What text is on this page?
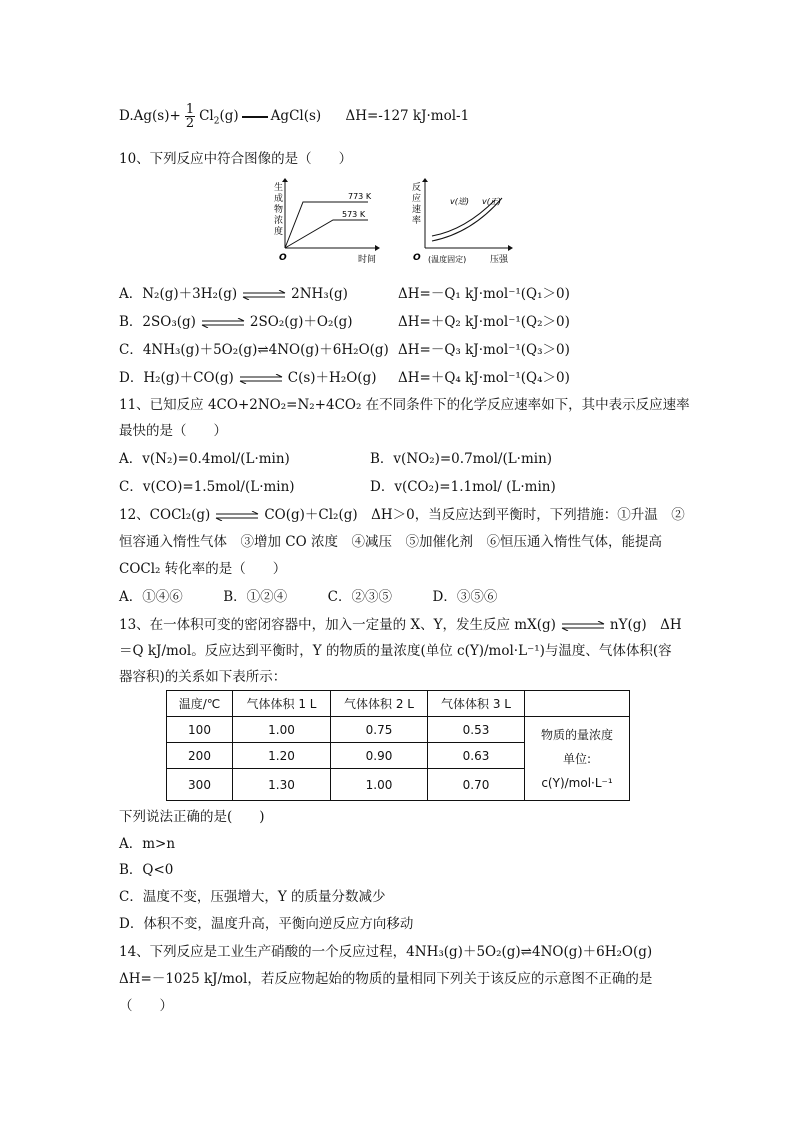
$D.Ag(s)+ \frac{1}{2} Cl_2(g)$ AgCl(s) ΔH=-127 kJ·mol-1
10、下列反应中符合图像的是（　　）
773 K
573 K
O	时间
生
成
物
浓
度
v(逆) v(正)
O (温度固定)	压强
反
应
速
率
A．N₂(g)＋3H₂(g) ⇌ 2NH₃(g)	ΔH=－Q₁ kJ·mol⁻¹(Q₁＞0)
B．2SO₃(g) ⇌ 2SO₂(g)＋O₂(g)	ΔH=＋Q₂ kJ·mol⁻¹(Q₂＞0)
C．4NH₃(g)＋5O₂(g)⇌4NO(g)＋6H₂O(g) ΔH=－Q₃ kJ·mol⁻¹(Q₃＞0)
D．H₂(g)＋CO(g) ⇌ C(s)＋H₂O(g) ΔH=＋Q₄ kJ·mol⁻¹(Q₄＞0)
11、已知反应 4CO+2NO₂=N₂+4CO₂ 在不同条件下的化学反应速率如下，其中表示反应速率
最快的是（　　）
A．v(N₂)=0.4mol/(L·min)	B．v(NO₂)=0.7mol/(L·min)
C．v(CO)=1.5mol/(L·min)	D．v(CO₂)=1.1mol/ (L·min)
12、COCl₂(g) ⇌ CO(g)＋Cl₂(g)　ΔH＞0，当反应达到平衡时，下列措施：①升温　②
恒容通入惰性气体　③增加 CO 浓度　④减压　⑤加催化剂　⑥恒压通入惰性气体，能提高
COCl₂ 转化率的是（　　）
A．①④⑥　　　B．①②④　　　C．②③⑤　　　D．③⑤⑥
13、在一体积可变的密闭容器中，加入一定量的 X、Y，发生反应 mX(g) ⇌ nY(g)　ΔH
＝Q kJ/mol。反应达到平衡时，Y 的物质的量浓度(单位 c(Y)/mol·L⁻¹)与温度、气体体积(容
器容积)的关系如下表所示：
温度/℃	气体体积 1 L	气体体积 2 L	气体体积 3 L	
100	1.00	0.75	0.53	物质的量浓度
单位:
c(Y)/mol·L⁻¹

200	1.20	0.90	0.63	
300	1.30	1.00	0.70	
下列说法正确的是(　　)
A．m>n
B．Q<0
C．温度不变，压强增大，Y 的质量分数减少
D．体积不变，温度升高，平衡向逆反应方向移动
14、下列反应是工业生产硝酸的一个反应过程，4NH₃(g)＋5O₂(g)⇌4NO(g)＋6H₂O(g)
ΔH=－1025 kJ/mol，若反应物起始的物质的量相同下列关于该反应的示意图不正确的是
（　　）
